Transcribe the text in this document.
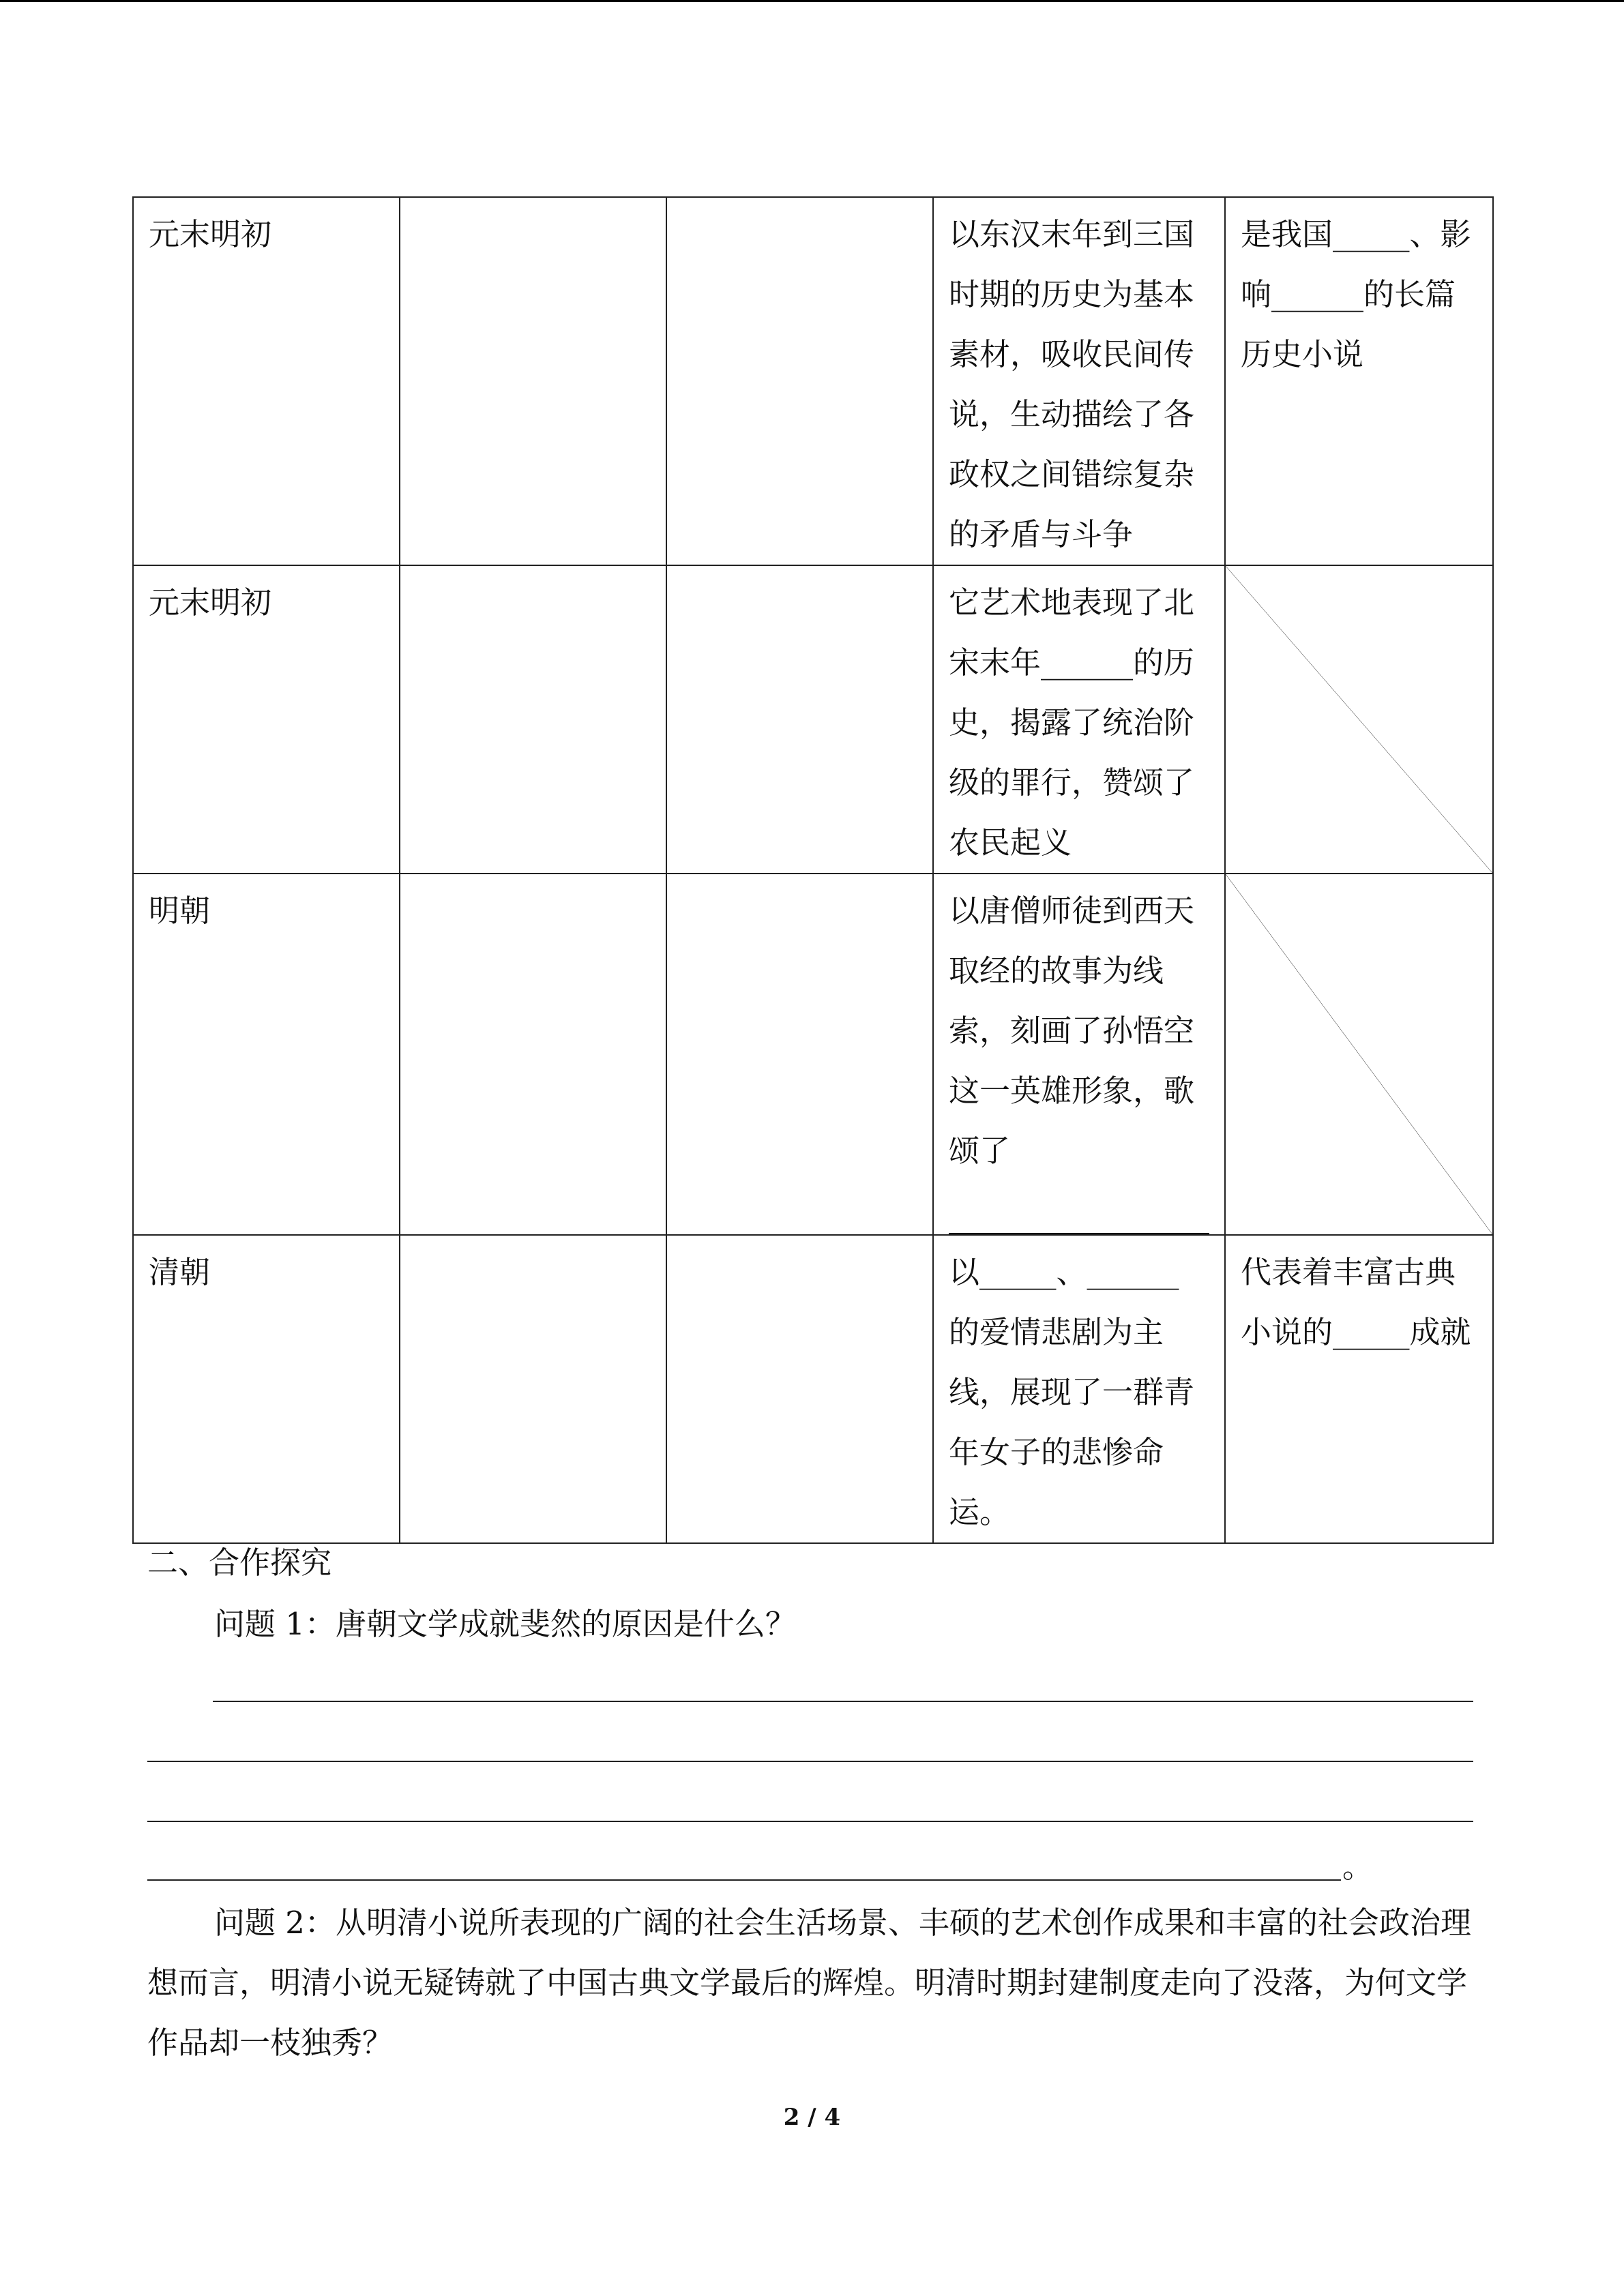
元末明初			以东汉末年到三国时期的历史为基本素材，吸收民间传说，生动描绘了各政权之间错综复杂的矛盾与斗争	是我国_____、影响______的长篇历史小说
元末明初			它艺术地表现了北宋末年______的历史，揭露了统治阶级的罪行，赞颂了农民起义	

明朝			以唐僧师徒到西天取经的故事为线索，刻画了孙悟空这一英雄形象，歌颂了

清朝			以_____、______的爱情悲剧为主线，展现了一群青年女子的悲惨命运。	代表着丰富古典小说的_____成就
二、合作探究
问题 1：唐朝文学成就斐然的原因是什么？
。
问题 2：从明清小说所表现的广阔的社会生活场景、丰硕的艺术创作成果和丰富的社会政治理想而言，明清小说无疑铸就了中国古典文学最后的辉煌。明清时期封建制度走向了没落，为何文学作品却一枝独秀？
2 / 4
